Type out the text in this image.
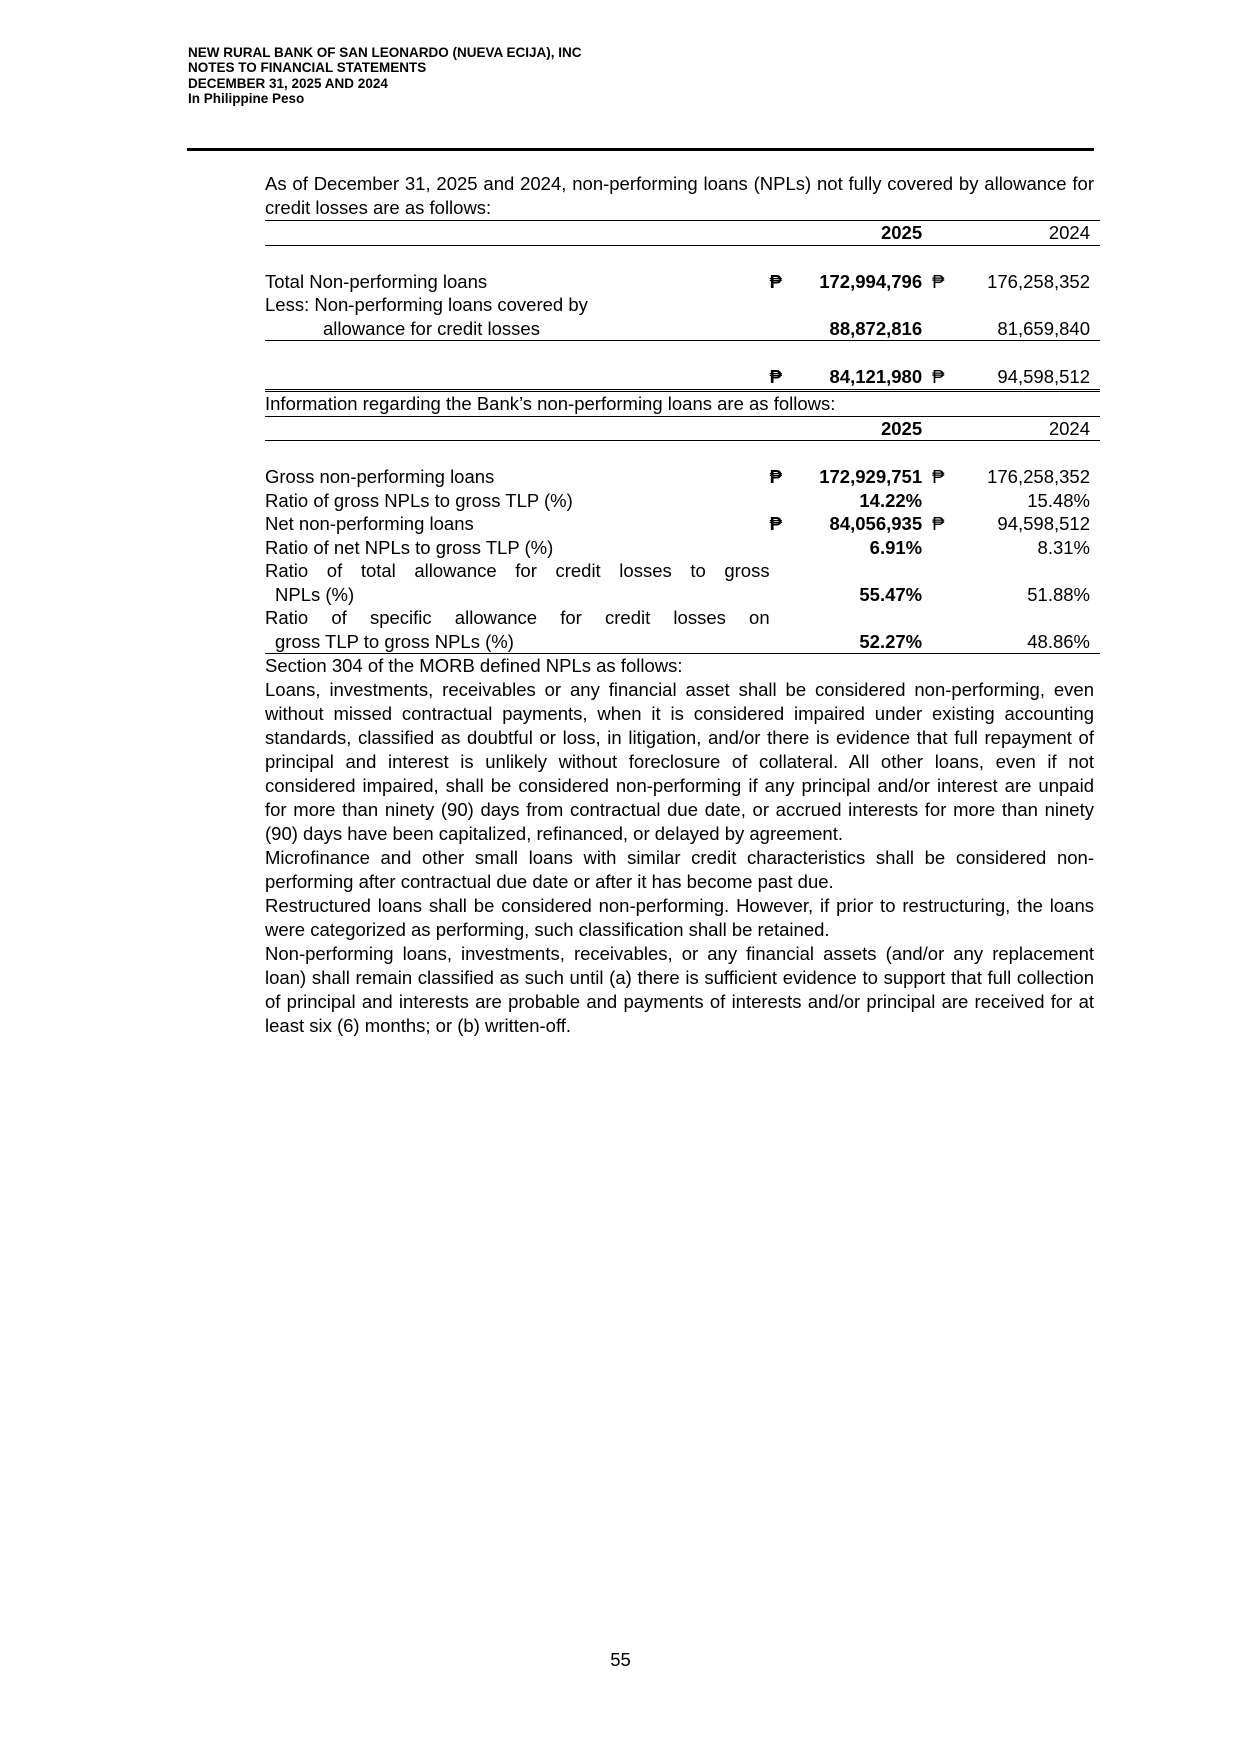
NEW RURAL BANK OF SAN LEONARDO (NUEVA ECIJA), INC
NOTES TO FINANCIAL STATEMENTS
DECEMBER 31, 2025 AND 2024
In Philippine Peso

As of December 31, 2025 and 2024, non-performing loans (NPLs) not fully covered by allowance for credit losses are as follows:

		2025		2024

Total Non-performing loans	₱	172,994,796	₱	176,258,352
Less: Non-performing loans covered by				
allowance for credit losses		88,872,816		81,659,840

	₱	84,121,980	₱	94,598,512

Information regarding the Bank’s non-performing loans are as follows:

		2025		2024

Gross non-performing loans	₱	172,929,751	₱	176,258,352
Ratio of gross NPLs to gross TLP (%)		14.22%		15.48%
Net non-performing loans	₱	84,056,935	₱	94,598,512
Ratio of net NPLs to gross TLP (%)		6.91%		8.31%
Ratio of total allowance for credit losses to gross				
NPLs (%)		55.47%		51.88%
Ratio of specific allowance for credit losses on				
gross TLP to gross NPLs (%)		52.27%		48.86%

Section 304 of the MORB defined NPLs as follows:

Loans, investments, receivables or any financial asset shall be considered non-performing, even without missed contractual payments, when it is considered impaired under existing accounting standards, classified as doubtful or loss, in litigation, and/or there is evidence that full repayment of principal and interest is unlikely without foreclosure of collateral. All other loans, even if not considered impaired, shall be considered non-performing if any principal and/or interest are unpaid for more than ninety (90) days from contractual due date, or accrued interests for more than ninety (90) days have been capitalized, refinanced, or delayed by agreement.

Microfinance and other small loans with similar credit characteristics shall be considered non-performing after contractual due date or after it has become past due.

Restructured loans shall be considered non-performing. However, if prior to restructuring, the loans were categorized as performing, such classification shall be retained.

Non-performing loans, investments, receivables, or any financial assets (and/or any replacement loan) shall remain classified as such until (a) there is sufficient evidence to support that full collection of principal and interests are probable and payments of interests and/or principal are received for at least six (6) months; or (b) written-off.

55
